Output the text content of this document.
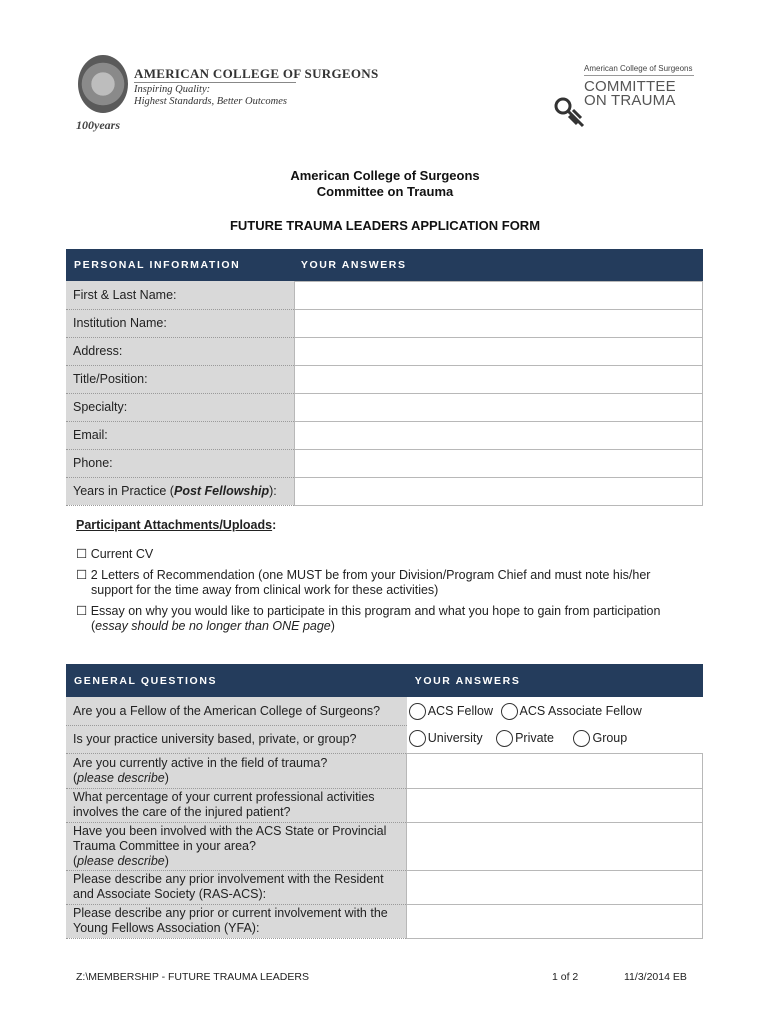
AMERICAN COLLEGE OF SURGEONS
Inspiring Quality:
Highest Standards, Better Outcomes
100years
American College of Surgeons
COMMITTEE
ON TRAUMA
American College of Surgeons
Committee on Trauma
FUTURE TRAUMA LEADERS APPLICATION FORM
PERSONAL INFORMATION	YOUR ANSWERS
First & Last Name:	
Institution Name:	
Address:	
Title/Position:	
Specialty:	
Email:	
Phone:	
Years in Practice (Post Fellowship):	
Participant Attachments/Uploads:
☐ Current CV
☐ 2 Letters of Recommendation (one MUST be from your Division/Program Chief and must note his/her
support for the time away from clinical work for these activities)
☐ Essay on why you would like to participate in this program and what you hope to gain from participation
(essay should be no longer than ONE page)
GENERAL QUESTIONS	YOUR ANSWERS
Are you a Fellow of the American College of Surgeons?	ACS Fellow ACS Associate Fellow
Is your practice university based, private, or group?	University Private Group
Are you currently active in the field of trauma?
(please describe)	
What percentage of your current professional activities
involves the care of the injured patient?	
Have you been involved with the ACS State or Provincial
Trauma Committee in your area?
(please describe)	
Please describe any prior involvement with the Resident
and Associate Society (RAS-ACS):	
Please describe any prior or current involvement with the
Young Fellows Association (YFA):	
Z:\MEMBERSHIP - FUTURE TRAUMA LEADERS	1 of 2	11/3/2014 EB
